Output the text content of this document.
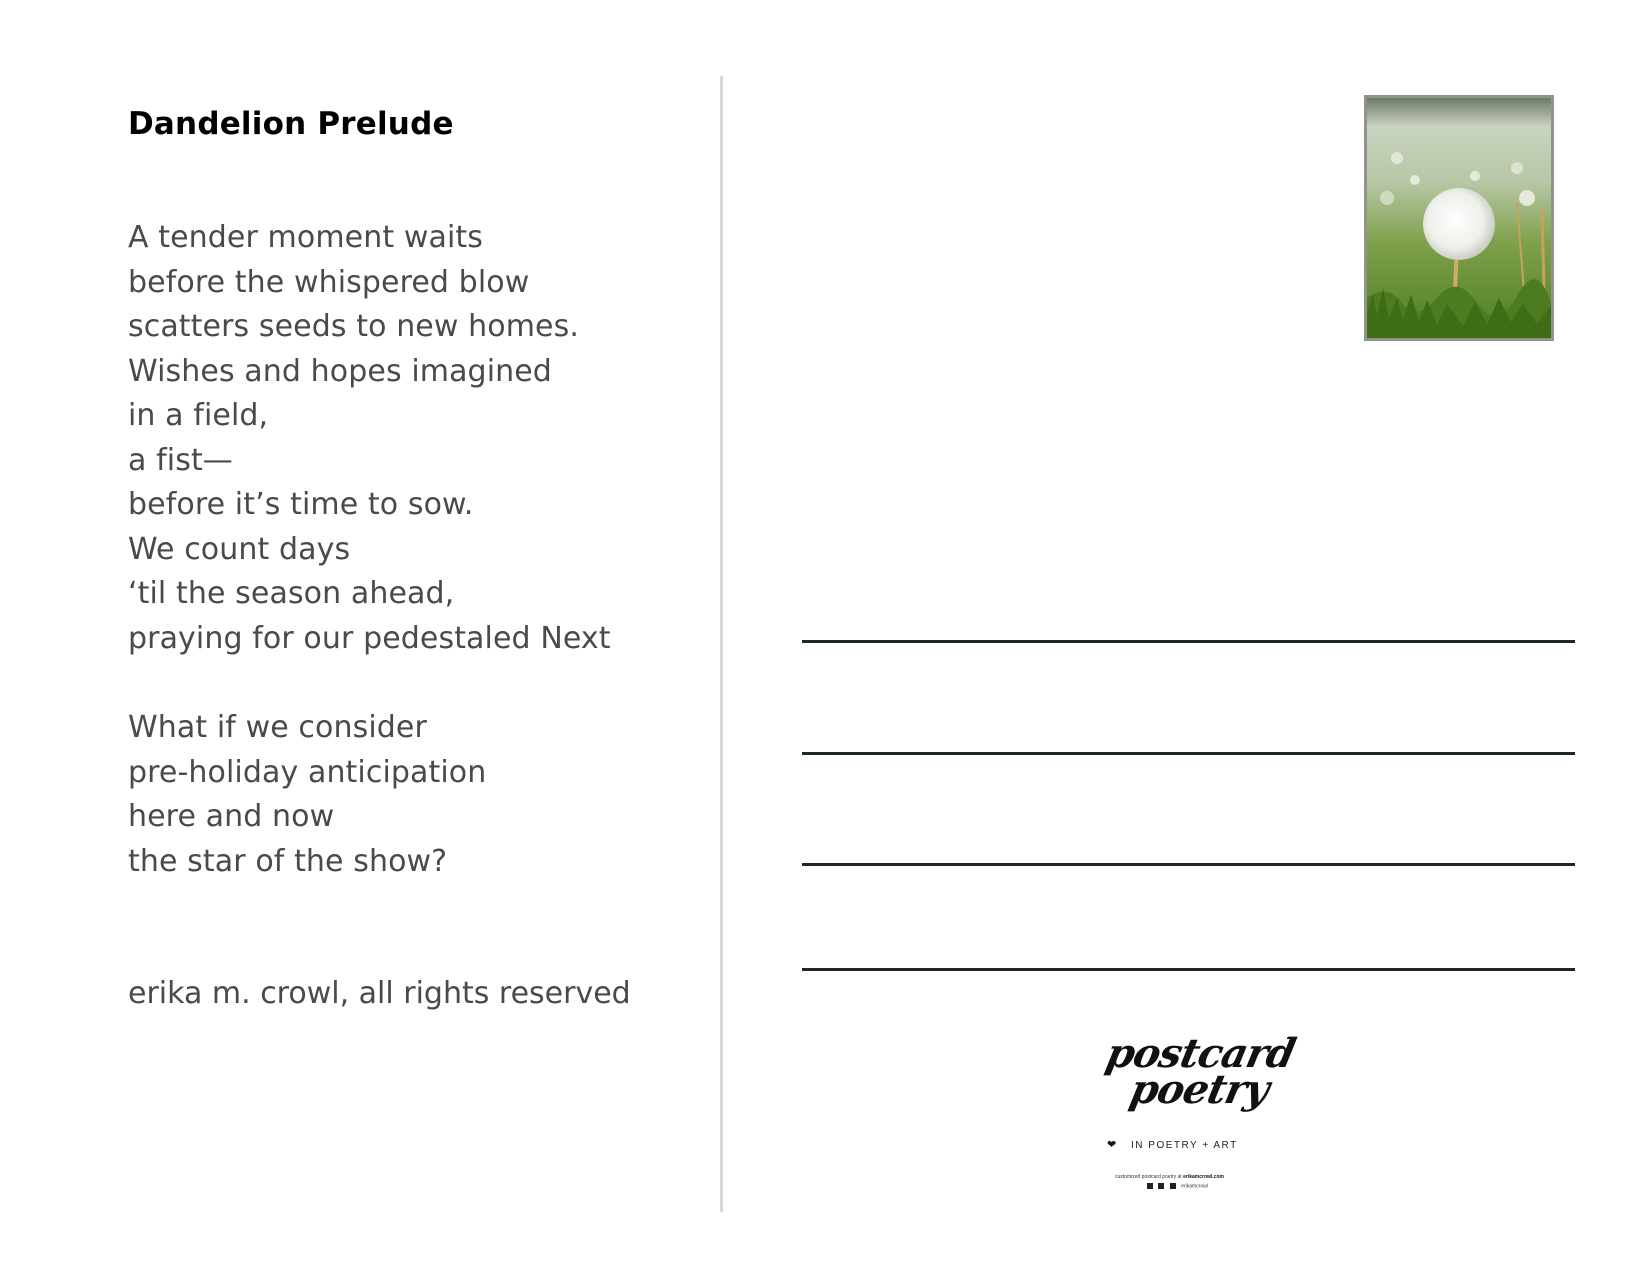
Dandelion Prelude
A tender moment waits
before the whispered blow
scatters seeds to new homes.
Wishes and hopes imagined
in a field,
a fist—
before it’s time to sow.
We count days
‘til the season ahead,
praying for our pedestaled Next
What if we consider
pre-holiday anticipation
here and now
the star of the show?
erika m. crowl, all rights reserved
postcard
poetry
❤ IN POETRY + ART
customized postcard poetry at erikamcrowl.com
erikamcrowl
